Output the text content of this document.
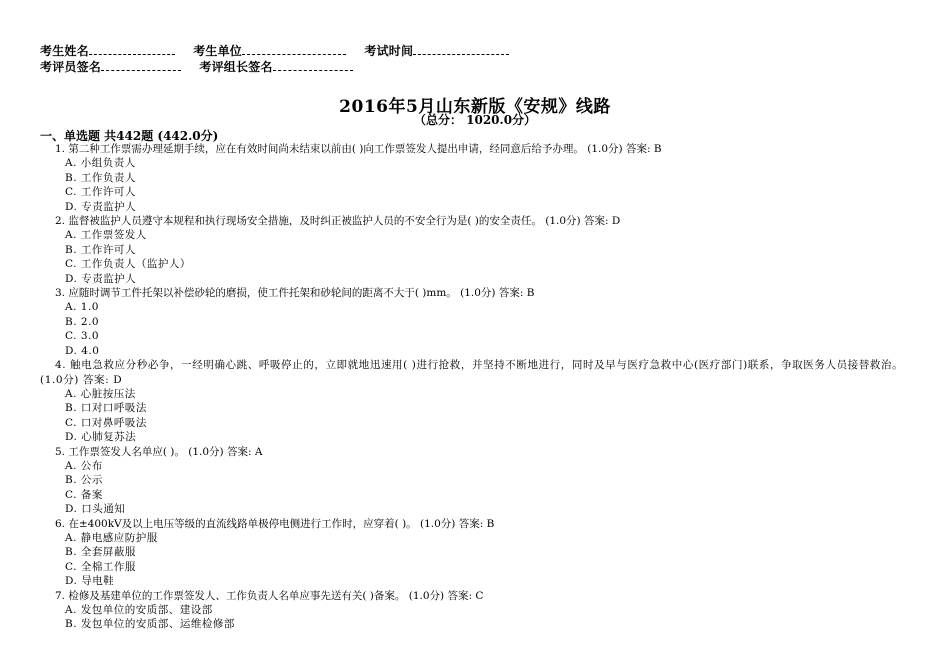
考生姓名	考生单位	考试时间
考评员签名	考评组长签名
2016年5月山东新版《安规》线路
（总分： 1020.0分）
一、单选题 共442题 (442.0分)
1. 第二种工作票需办理延期手续，应在有效时间尚未结束以前由( )向工作票签发人提出申请，经同意后给予办理。 (1.0分) 答案: B
A. 小组负责人
B. 工作负责人
C. 工作许可人
D. 专责监护人
2. 监督被监护人员遵守本规程和执行现场安全措施，及时纠正被监护人员的不安全行为是( )的安全责任。 (1.0分) 答案: D
A. 工作票签发人
B. 工作许可人
C. 工作负责人（监护人）
D. 专责监护人
3. 应随时调节工件托架以补偿砂轮的磨损，使工件托架和砂轮间的距离不大于( )mm。 (1.0分) 答案: B
A. 1.0
B. 2.0
C. 3.0
D. 4.0
4. 触电急救应分秒必争，一经明确心跳、呼吸停止的，立即就地迅速用( )进行抢救，并坚持不断地进行，同时及早与医疗急救中心(医疗部门)联系，争取医务人员接替救治。 (1.0分) 答案: D
A. 心脏按压法
B. 口对口呼吸法
C. 口对鼻呼吸法
D. 心肺复苏法
5. 工作票签发人名单应( )。 (1.0分) 答案: A
A. 公布
B. 公示
C. 备案
D. 口头通知
6. 在±400kV及以上电压等级的直流线路单极停电侧进行工作时，应穿着( )。 (1.0分) 答案: B
A. 静电感应防护服
B. 全套屏蔽服
C. 全棉工作服
D. 导电鞋
7. 检修及基建单位的工作票签发人、工作负责人名单应事先送有关( )备案。 (1.0分) 答案: C
A. 发包单位的安质部、建设部
B. 发包单位的安质部、运维检修部
